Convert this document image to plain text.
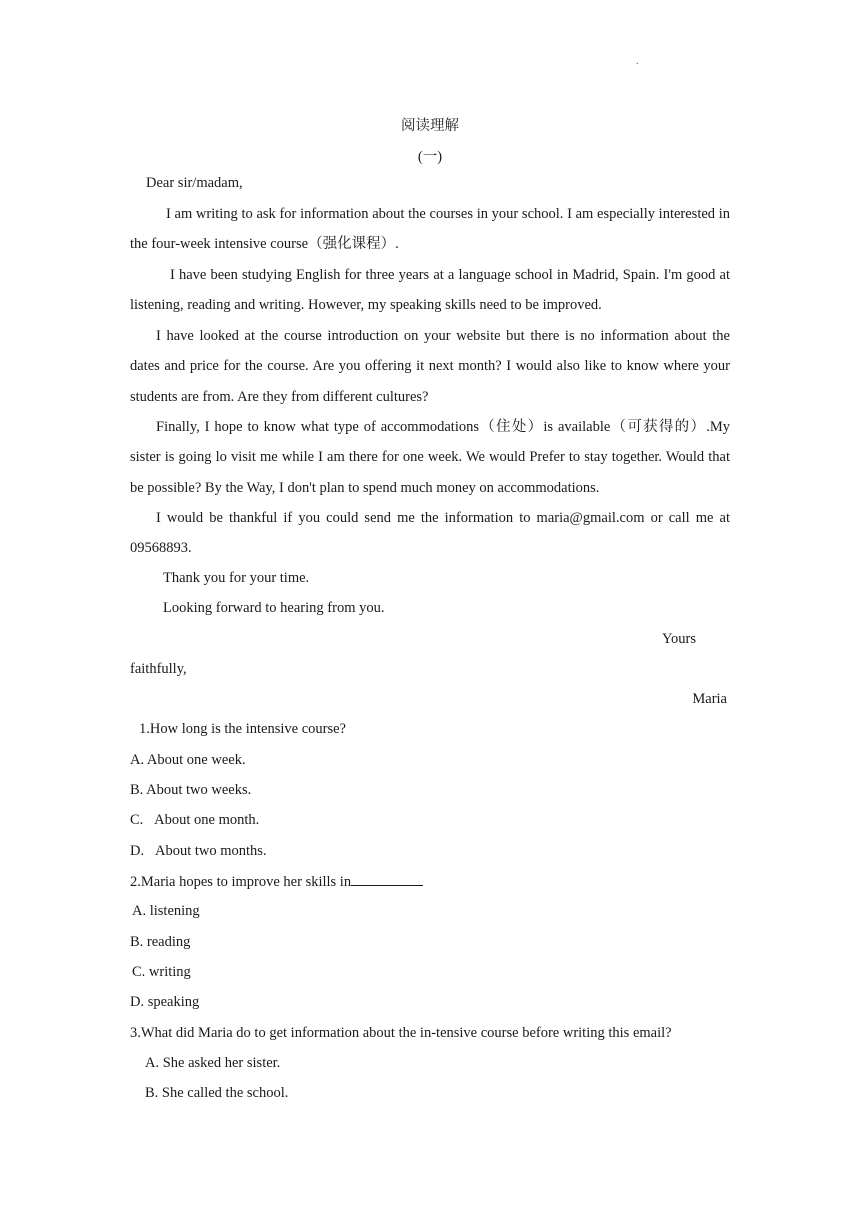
.
阅读理解
(一)
Dear sir/madam,
I am writing to ask for information about the courses in your school. I am especially interested in the four-week intensive course（强化课程）.
I have been studying English for three years at a language school in Madrid, Spain. I'm good at listening, reading and writing. However, my speaking skills need to be improved.
I have looked at the course introduction on your website but there is no information about the dates and price for the course. Are you offering it next month? I would also like to know where your students are from. Are they from different cultures?
Finally, I hope to know what type of accommodations（住处）is available（可获得的）.My sister is going lo visit me while I am there for one week. We would Prefer to stay together. Would that be possible? By the Way, I don't plan to spend much money on accommodations.
I would be thankful if you could send me the information to maria@gmail.com or call me at 09568893.
Thank you for your time.
Looking forward to hearing from you.
Yours
faithfully,
Maria
1.How long is the intensive course?
A. About one week.
B. About two weeks.
C.   About one month.
D.   About two months.
2.Maria hopes to improve her skills in
A. listening
B. reading
C. writing
D. speaking
3.What did Maria do to get information about the in-tensive course before writing this email?
A. She asked her sister.
B. She called the school.
